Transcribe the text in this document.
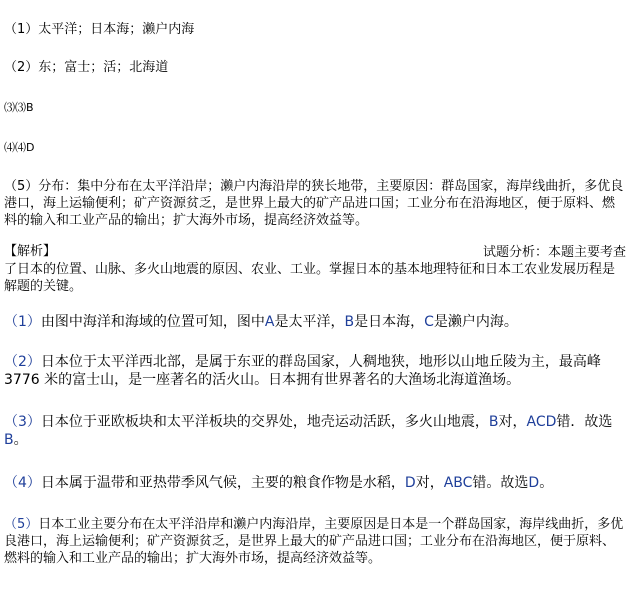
（1）太平洋；日本海；濑户内海
（2）东；富士；活；北海道
⑶⑶B
⑷⑷D
（5）分布：集中分布在太平洋沿岸；濑户内海沿岸的狭长地带，主要原因：群岛国家，海岸线曲折，多优良港口，海上运输便利；矿产资源贫乏，是世界上最大的矿产品进口国；工业分布在沿海地区，便于原料、燃料的输入和工业产品的输出；扩大海外市场，提高经济效益等。
【解析】	试题分析：本题主要考查
了日本的位置、山脉、多火山地震的原因、农业、工业。掌握日本的基本地理特征和日本工农业发展历程是解题的关键。
（1）由图中海洋和海域的位置可知，图中A是太平洋，B是日本海，C是濑户内海。
（2）日本位于太平洋西北部，是属于东亚的群岛国家，人稠地狭，地形以山地丘陵为主，最高峰3776 米的富士山，是一座著名的活火山。日本拥有世界著名的大渔场北海道渔场。
（3）日本位于亚欧板块和太平洋板块的交界处，地壳运动活跃，多火山地震，B对，ACD错．故选B。
（4）日本属于温带和亚热带季风气候，主要的粮食作物是水稻，D对，ABC错。故选D。
（5）日本工业主要分布在太平洋沿岸和濑户内海沿岸，主要原因是日本是一个群岛国家，海岸线曲折，多优良港口，海上运输便利；矿产资源贫乏，是世界上最大的矿产品进口国；工业分布在沿海地区，便于原料、燃料的输入和工业产品的输出；扩大海外市场，提高经济效益等。
